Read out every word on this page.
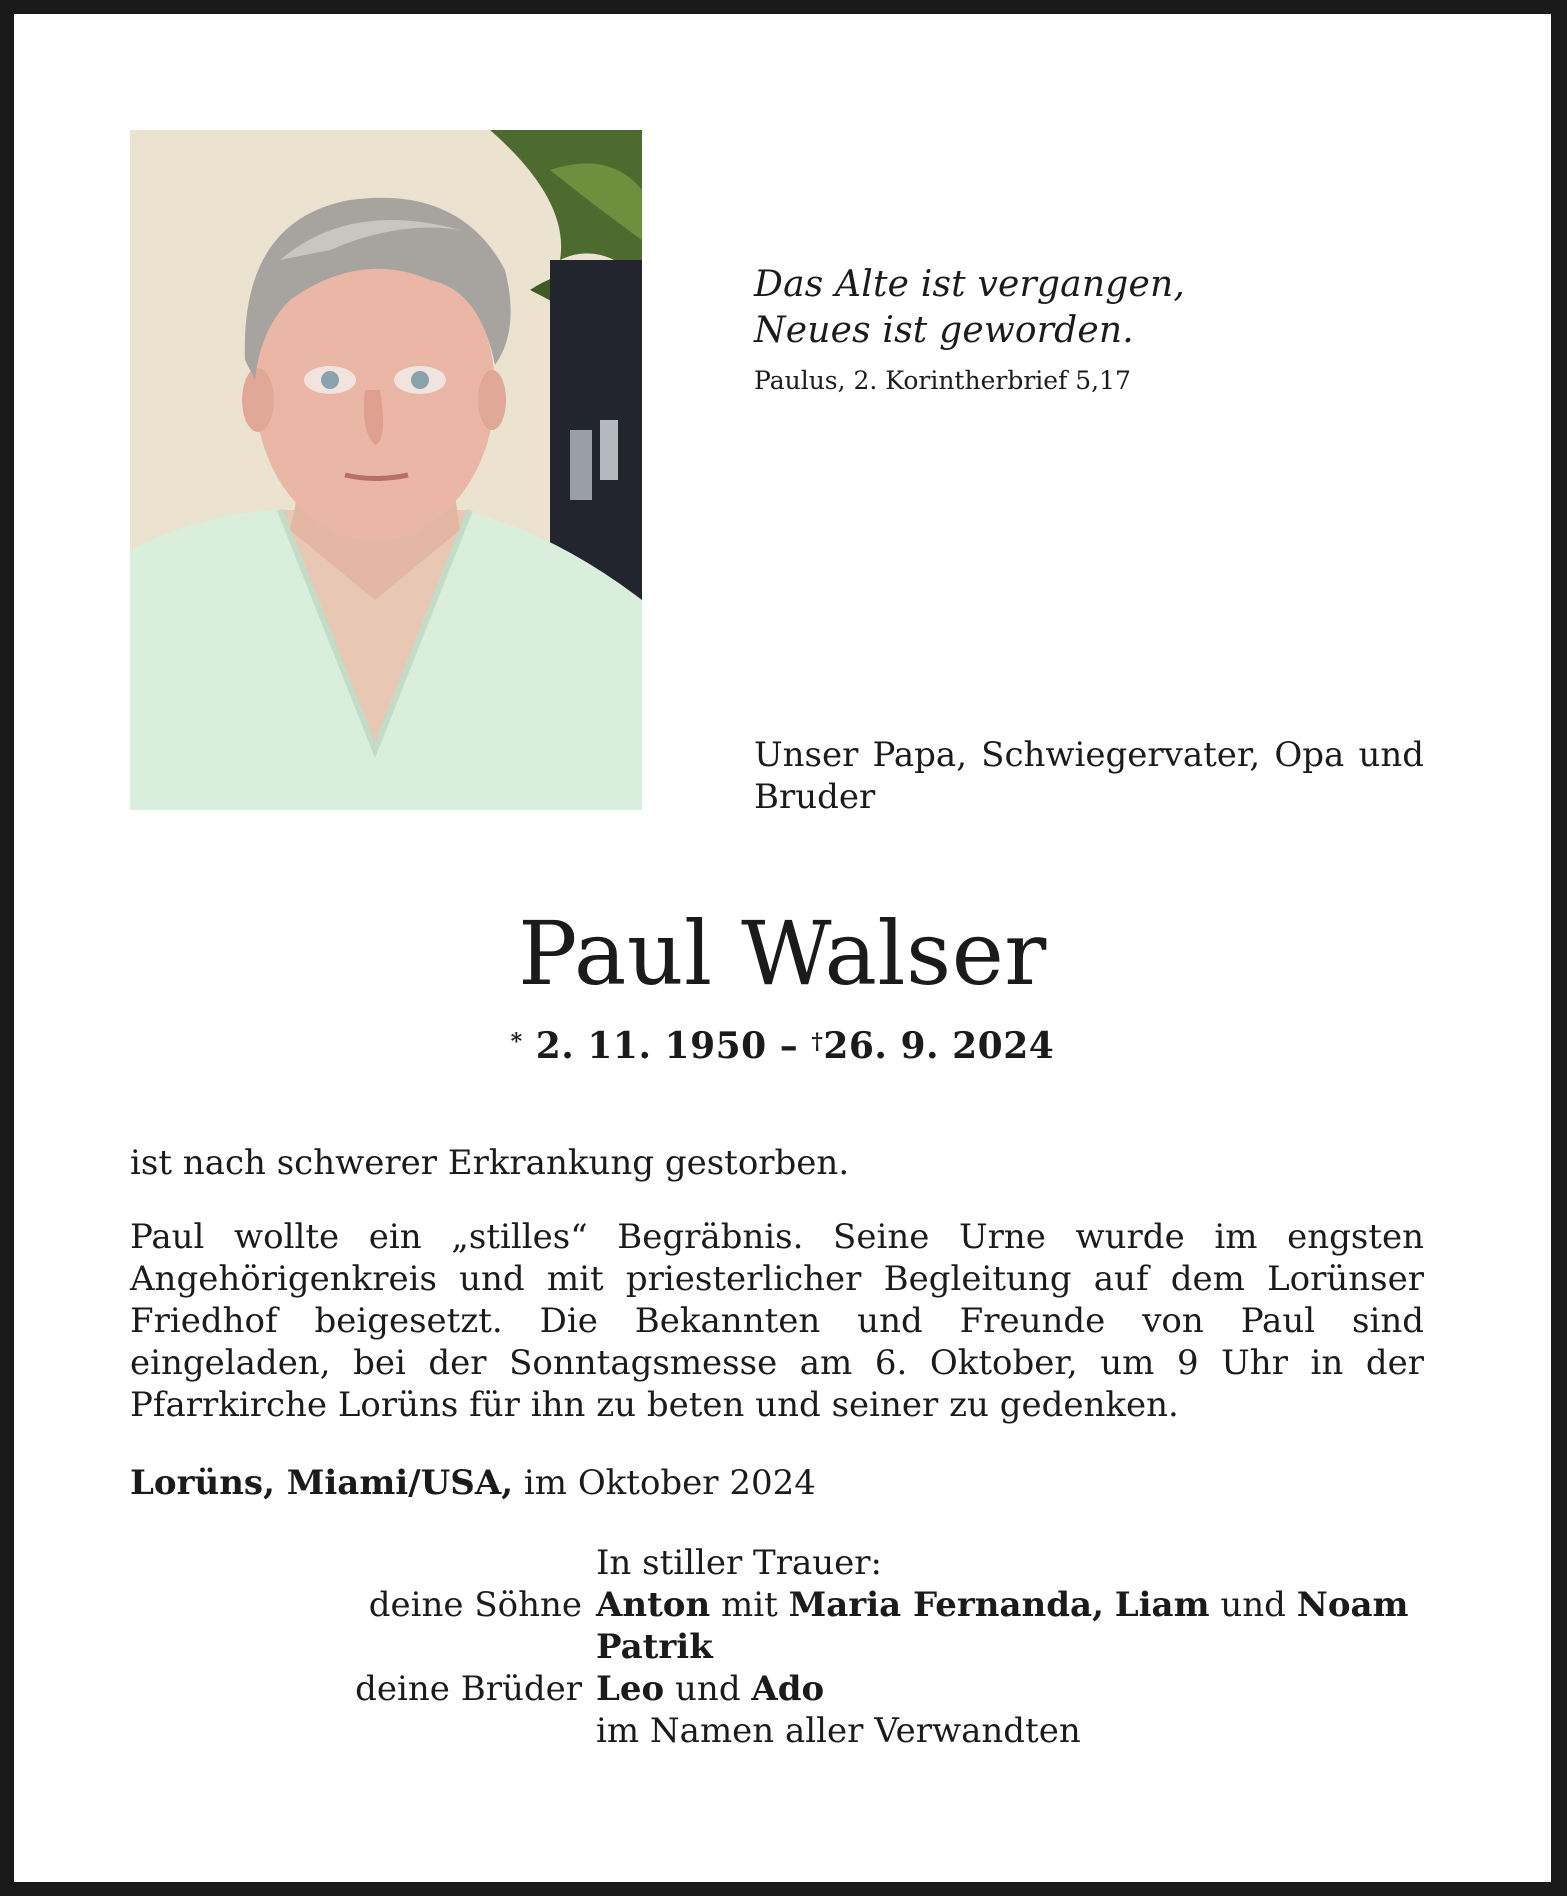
Das Alte ist vergangen,
Neues ist geworden.
Paulus, 2. Korintherbrief 5,17
Unser Papa, Schwiegervater, Opa und Bruder
Paul Walser
* 2. 11. 1950 – †26. 9. 2024
ist nach schwerer Erkrankung gestorben.
Paul wollte ein „stilles“ Begräbnis. Seine Urne wurde im engsten Angehörigenkreis und mit priesterlicher Begleitung auf dem Lorünser Friedhof beigesetzt. Die Bekannten und Freunde von Paul sind eingeladen, bei der Sonntagsmesse am 6. Oktober, um 9 Uhr in der Pfarrkirche Lorüns für ihn zu beten und seiner zu gedenken.
Lorüns, Miami/USA, im Oktober 2024
In stiller Trauer:
deine Söhne Anton mit Maria Fernanda, Liam und Noam
Patrik
deine Brüder Leo und Ado
im Namen aller Verwandten
